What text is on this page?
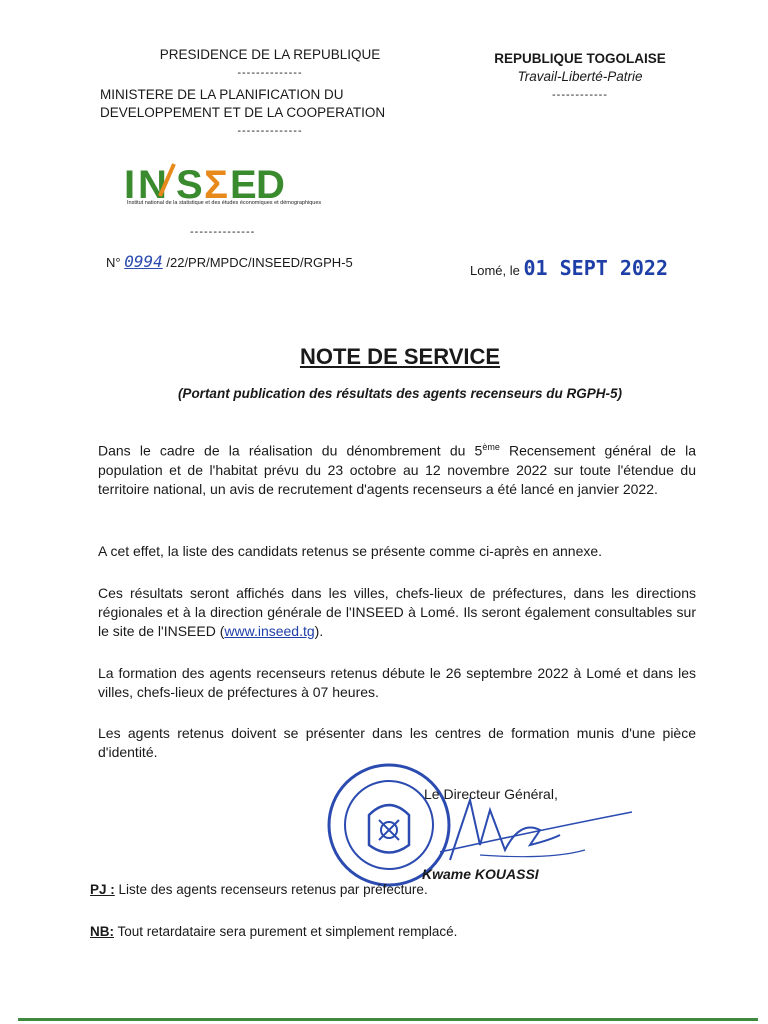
PRESIDENCE DE LA REPUBLIQUE
--------------
MINISTERE DE LA PLANIFICATION DU
DEVELOPPEMENT ET DE LA COOPERATION
--------------
REPUBLIQUE TOGOLAISE
Travail-Liberté-Patrie
------------
I N S Σ E D
Institut national de la statistique et des études économiques et démographiques
--------------
N° 0994 /22/PR/MPDC/INSEED/RGPH-5
Lomé, le 01 SEPT 2022
NOTE DE SERVICE
(Portant publication des résultats des agents recenseurs du RGPH-5)
Dans le cadre de la réalisation du dénombrement du 5ème Recensement général de la population et de l'habitat prévu du 23 octobre au 12 novembre 2022 sur toute l'étendue du territoire national, un avis de recrutement d'agents recenseurs a été lancé en janvier 2022.
A cet effet, la liste des candidats retenus se présente comme ci-après en annexe.
Ces résultats seront affichés dans les villes, chefs-lieux de préfectures, dans les directions régionales et à la direction générale de l'INSEED à Lomé. Ils seront également consultables sur le site de l'INSEED (www.inseed.tg).
La formation des agents recenseurs retenus débute le 26 septembre 2022 à Lomé et dans les villes, chefs-lieux de préfectures à 07 heures.
Les agents retenus doivent se présenter dans les centres de formation munis d'une pièce d'identité.
Le Directeur Général,
Kwame KOUASSI
PJ : Liste des agents recenseurs retenus par préfecture.
NB: Tout retardataire sera purement et simplement remplacé.
